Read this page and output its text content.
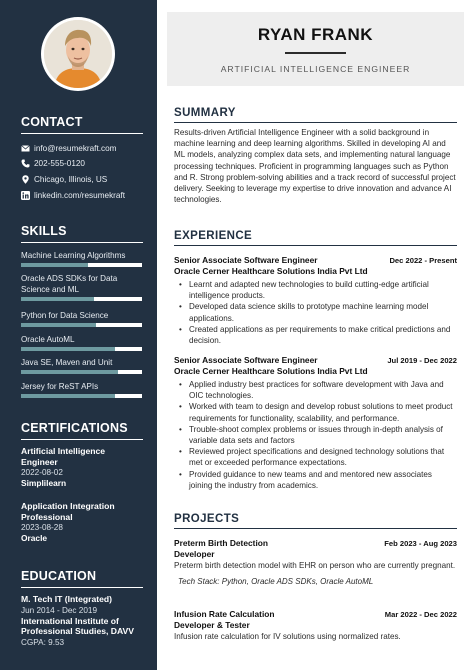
CONTACT
info@resumekraft.com
202-555-0120
Chicago, Illinois, US
linkedin.com/resumekraft
SKILLS
Machine Learning Algorithms
Oracle ADS SDKs for Data Science and ML
Python for Data Science
Oracle AutoML
Java SE, Maven and Unit
Jersey for ReST APIs
CERTIFICATIONS
Artificial Intelligence Engineer
2022-08-02
Simplilearn
Application Integration Professional
2023-08-28
Oracle
EDUCATION
M. Tech IT (Integrated)
Jun 2014 - Dec 2019
International Institute of Professional Studies, DAVV
CGPA: 9.53
RYAN FRANK
ARTIFICIAL INTELLIGENCE ENGINEER
SUMMARY
Results-driven Artificial Intelligence Engineer with a solid background in machine learning and deep learning algorithms. Skilled in developing AI and ML models, analyzing complex data sets, and implementing natural language processing techniques. Proficient in programming languages such as Python and R. Strong problem-solving abilities and a track record of successful project delivery. Seeking to leverage my expertise to drive innovation and advance AI technologies.
EXPERIENCE
Senior Associate Software Engineer	Dec 2022 - Present
Oracle Cerner Healthcare Solutions India Pvt Ltd
• Learnt and adapted new technologies to build cutting-edge artificial intelligence products.
• Developed data science skills to prototype machine learning model applications.
• Created applications as per requirements to make critical predictions and decision.
Senior Associate Software Engineer	Jul 2019 - Dec 2022
Oracle Cerner Healthcare Solutions India Pvt Ltd
• Applied industry best practices for software development with Java and OIC technologies.
• Worked with team to design and develop robust solutions to meet product requirements for functionality, scalability, and performance.
• Trouble-shoot complex problems or issues through in-depth analysis of variable data sets and factors
• Reviewed project specifications and designed technology solutions that met or exceeded performance expectations.
• Provided guidance to new teams and and mentored new associates joining the industry from academics.
PROJECTS
Preterm Birth Detection	Feb 2023 - Aug 2023
Developer
Preterm birth detection model with EHR on person who are currently pregnant.
Tech Stack: Python, Oracle ADS SDKs, Oracle AutoML
Infusion Rate Calculation	Mar 2022 - Dec 2022
Developer & Tester
Infusion rate calculation for IV solutions using normalized rates.
